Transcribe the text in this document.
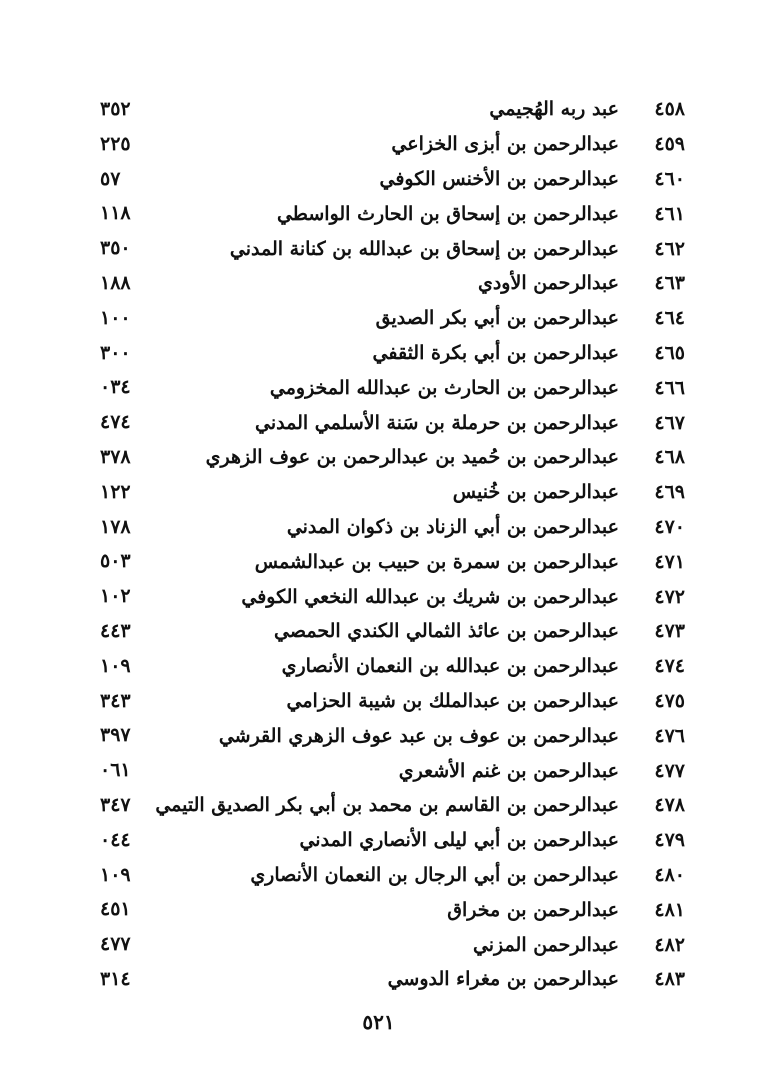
٤٥٨
عبد ربه الهُجيمي
٣٥٢
٤٥٩
عبدالرحمن بن أبزى الخزاعي
٢٢٥
٤٦٠
عبدالرحمن بن الأخنس الكوفي
٥٧
٤٦١
عبدالرحمن بن إسحاق بن الحارث الواسطي
١١٨
٤٦٢
عبدالرحمن بن إسحاق بن عبدالله بن كنانة المدني
٣٥٠
٤٦٣
عبدالرحمن الأودي
١٨٨
٤٦٤
عبدالرحمن بن أبي بكر الصديق
١٠٠
٤٦٥
عبدالرحمن بن أبي بكرة الثقفي
٣٠٠
٤٦٦
عبدالرحمن بن الحارث بن عبدالله المخزومي
٠٣٤
٤٦٧
عبدالرحمن بن حرملة بن سَنة الأسلمي المدني
٤٧٤
٤٦٨
عبدالرحمن بن حُميد بن عبدالرحمن بن عوف الزهري
٣٧٨
٤٦٩
عبدالرحمن بن خُنيس
١٢٢
٤٧٠
عبدالرحمن بن أبي الزناد بن ذكوان المدني
١٧٨
٤٧١
عبدالرحمن بن سمرة بن حبيب بن عبدالشمس
٥٠٣
٤٧٢
عبدالرحمن بن شريك بن عبدالله النخعي الكوفي
١٠٢
٤٧٣
عبدالرحمن بن عائذ الثمالي الكندي الحمصي
٤٤٣
٤٧٤
عبدالرحمن بن عبدالله بن النعمان الأنصاري
١٠٩
٤٧٥
عبدالرحمن بن عبدالملك بن شيبة الحزامي
٣٤٣
٤٧٦
عبدالرحمن بن عوف بن عبد عوف الزهري القرشي
٣٩٧
٤٧٧
عبدالرحمن بن غنم الأشعري
٠٦١
٤٧٨
عبدالرحمن بن القاسم بن محمد بن أبي بكر الصديق التيمي
٣٤٧
٤٧٩
عبدالرحمن بن أبي ليلى الأنصاري المدني
٠٤٤
٤٨٠
عبدالرحمن بن أبي الرجال بن النعمان الأنصاري
١٠٩
٤٨١
عبدالرحمن بن مخراق
٤٥١
٤٨٢
عبدالرحمن المزني
٤٧٧
٤٨٣
عبدالرحمن بن مغراء الدوسي
٣١٤
٥٢١
